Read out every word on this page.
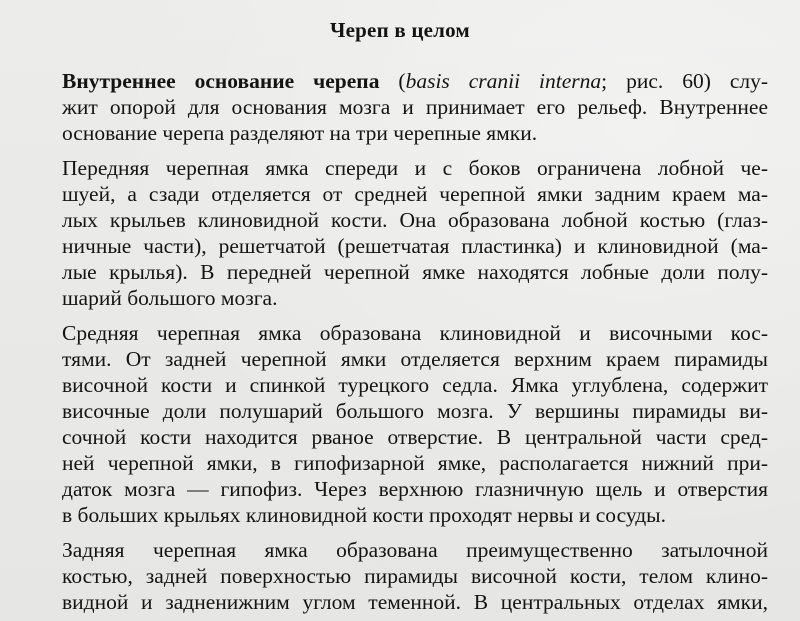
Череп в целом
Внутреннее основание черепа (basis cranii interna; рис. 60) слу-
жит опорой для основания мозга и принимает его рельеф. Внутреннее
основание черепа разделяют на три черепные ямки.
Передняя черепная ямка спереди и с боков ограничена лобной че-
шуей, а сзади отделяется от средней черепной ямки задним краем ма-
лых крыльев клиновидной кости. Она образована лобной костью (глаз-
ничные части), решетчатой (решетчатая пластинка) и клиновидной (ма-
лые крылья). В передней черепной ямке находятся лобные доли полу-
шарий большого мозга.
Средняя черепная ямка образована клиновидной и височными кос-
тями. От задней черепной ямки отделяется верхним краем пирамиды
височной кости и спинкой турецкого седла. Ямка углублена, содержит
височные доли полушарий большого мозга. У вершины пирамиды ви-
сочной кости находится рваное отверстие. В центральной части сред-
ней черепной ямки, в гипофизарной ямке, располагается нижний при-
даток мозга — гипофиз. Через верхнюю глазничную щель и отверстия
в больших крыльях клиновидной кости проходят нервы и сосуды.
Задняя черепная ямка образована преимущественно затылочной
костью, задней поверхностью пирамиды височной кости, телом клино-
видной и задненижним углом теменной. В центральных отделах ямки,
